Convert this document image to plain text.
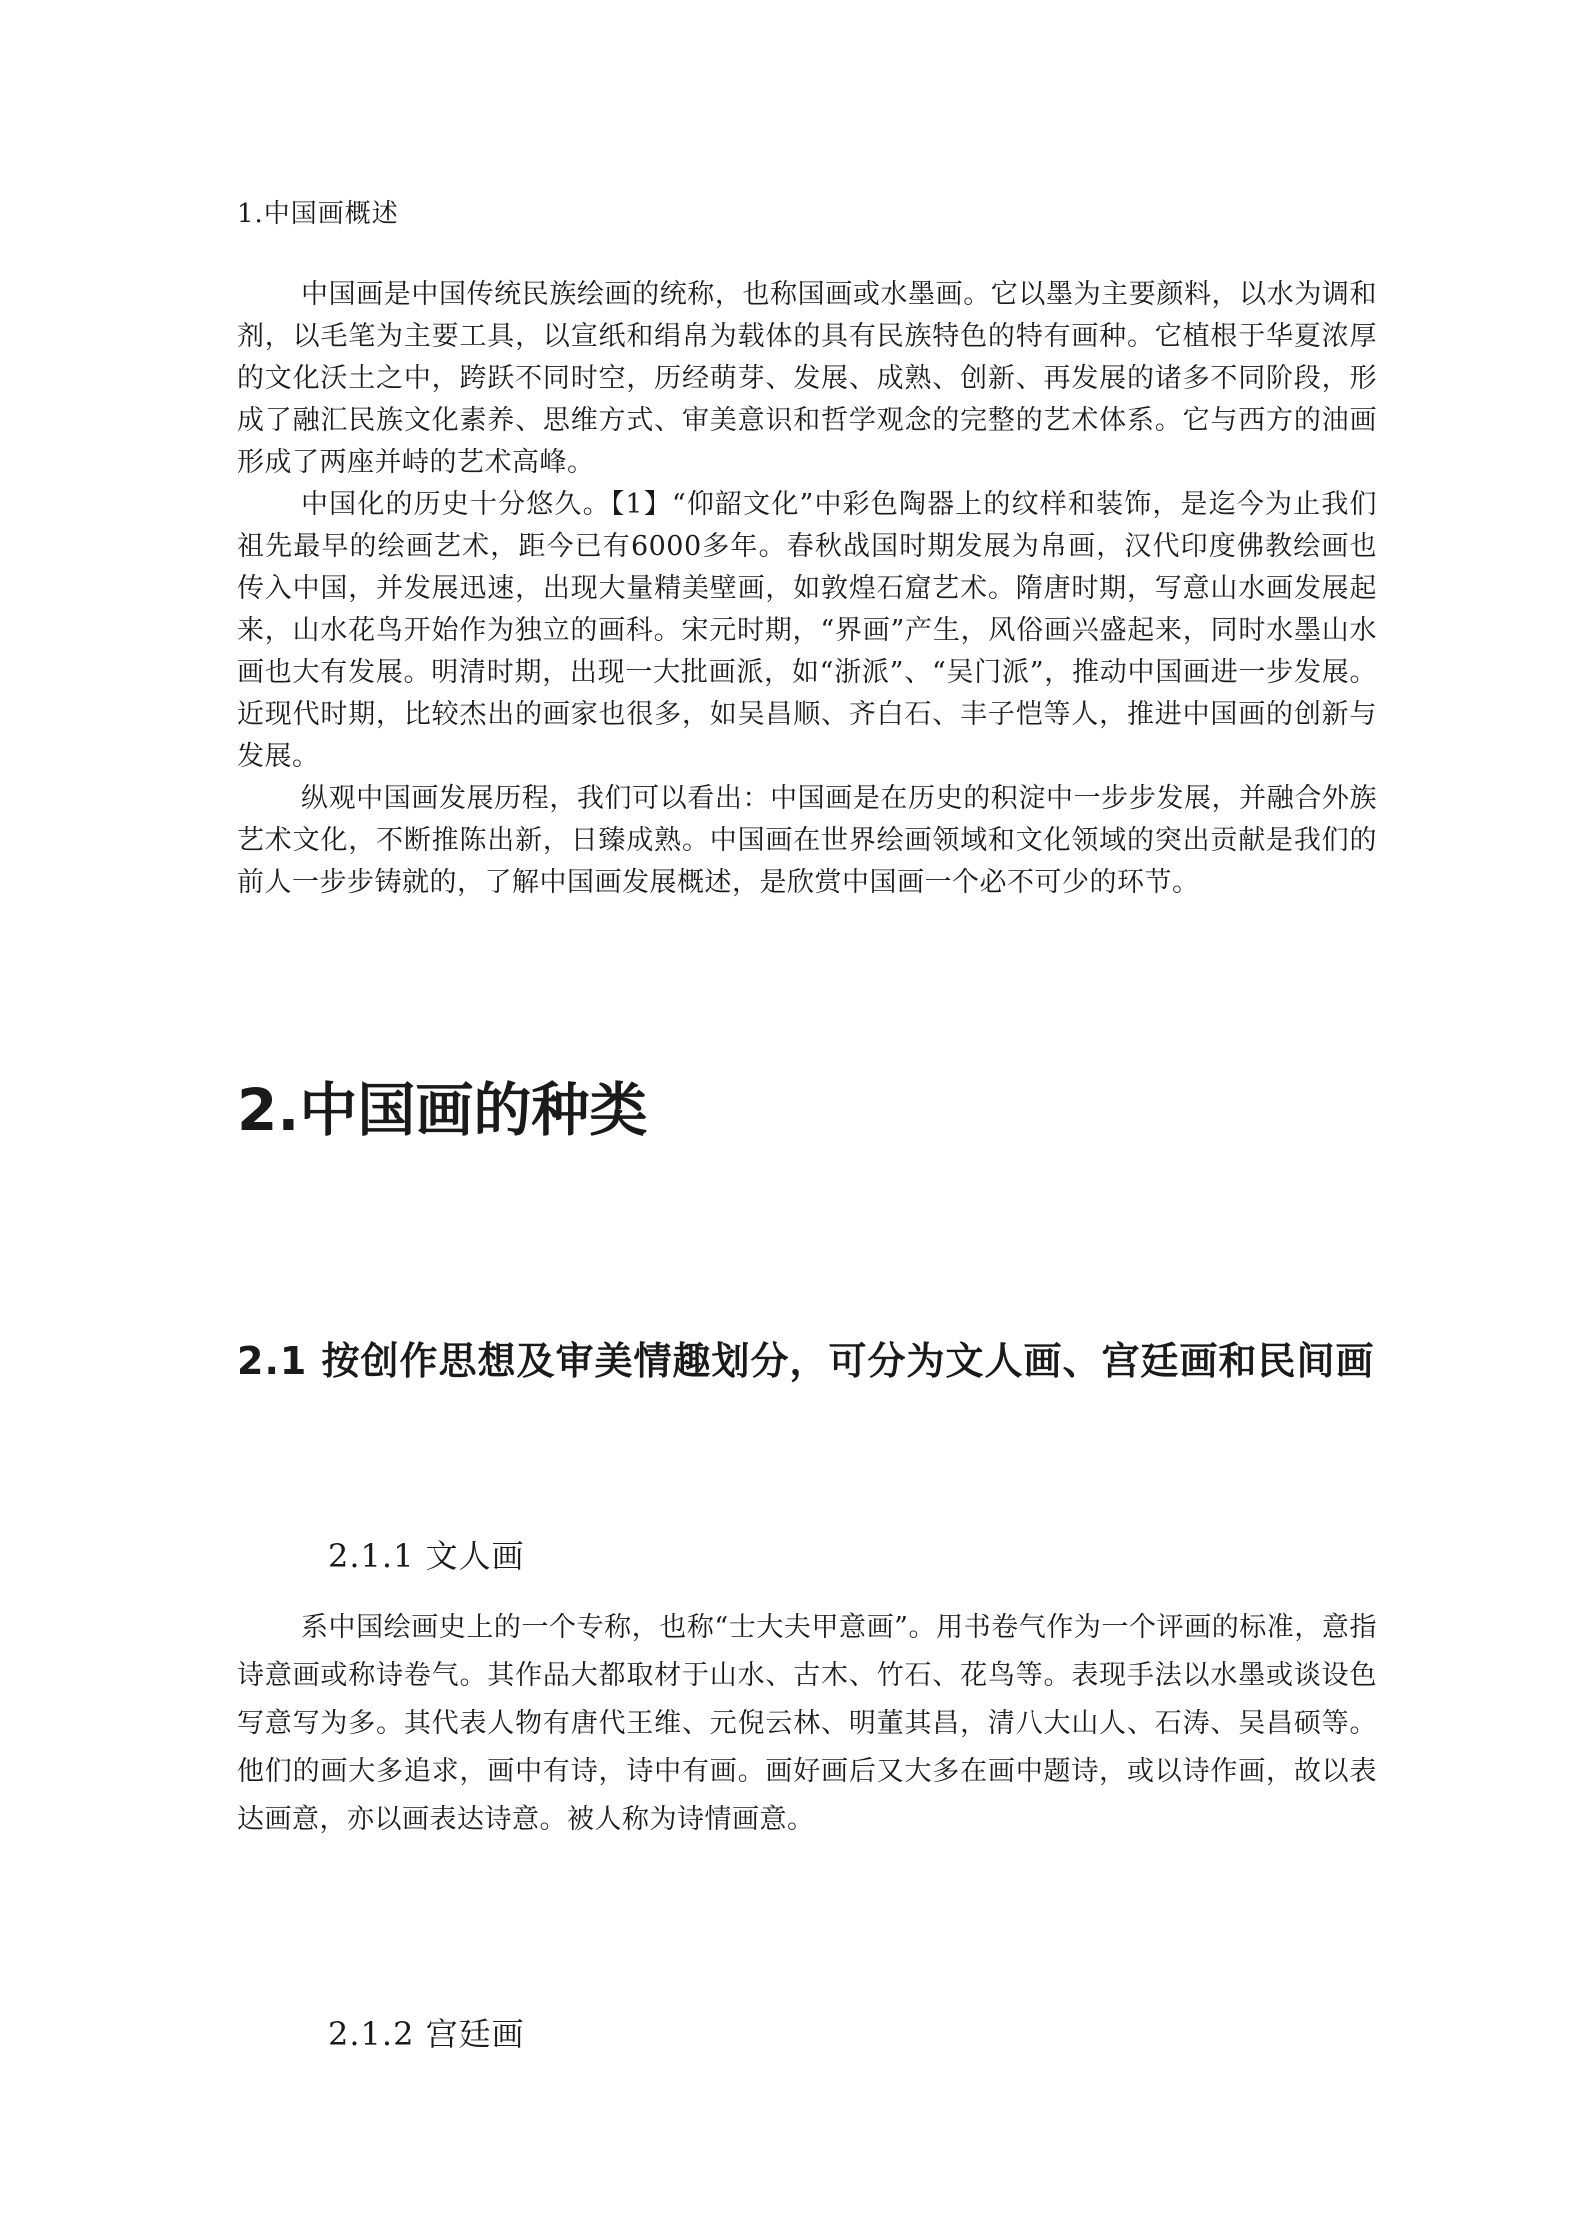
1.中国画概述

中国画是中国传统民族绘画的统称，也称国画或水墨画。它以墨为主要颜料，以水为调和剂，以毛笔为主要工具，以宣纸和绢帛为载体的具有民族特色的特有画种。它植根于华夏浓厚的文化沃土之中，跨跃不同时空，历经萌芽、发展、成熟、创新、再发展的诸多不同阶段，形成了融汇民族文化素养、思维方式、审美意识和哲学观念的完整的艺术体系。它与西方的油画形成了两座并峙的艺术高峰。

中国化的历史十分悠久。【1】“仰韶文化”中彩色陶器上的纹样和装饰，是迄今为止我们祖先最早的绘画艺术，距今已有6000多年。春秋战国时期发展为帛画，汉代印度佛教绘画也传入中国，并发展迅速，出现大量精美壁画，如敦煌石窟艺术。隋唐时期，写意山水画发展起来，山水花鸟开始作为独立的画科。宋元时期，“界画”产生，风俗画兴盛起来，同时水墨山水画也大有发展。明清时期，出现一大批画派，如“浙派”、“吴门派”，推动中国画进一步发展。近现代时期，比较杰出的画家也很多，如吴昌顺、齐白石、丰子恺等人，推进中国画的创新与发展。

纵观中国画发展历程，我们可以看出：中国画是在历史的积淀中一步步发展，并融合外族艺术文化，不断推陈出新，日臻成熟。中国画在世界绘画领域和文化领域的突出贡献是我们的前人一步步铸就的，了解中国画发展概述，是欣赏中国画一个必不可少的环节。

2.中国画的种类
2.1 按创作思想及审美情趣划分，可分为文人画、宫廷画和民间画
2.1.1 文人画

系中国绘画史上的一个专称，也称“士大夫甲意画”。用书卷气作为一个评画的标准，意指诗意画或称诗卷气。其作品大都取材于山水、古木、竹石、花鸟等。表现手法以水墨或谈设色写意写为多。其代表人物有唐代王维、元倪云林、明董其昌，清八大山人、石涛、吴昌硕等。他们的画大多追求，画中有诗，诗中有画。画好画后又大多在画中题诗，或以诗作画，故以表达画意，亦以画表达诗意。被人称为诗情画意。

2.1.2 宫廷画
